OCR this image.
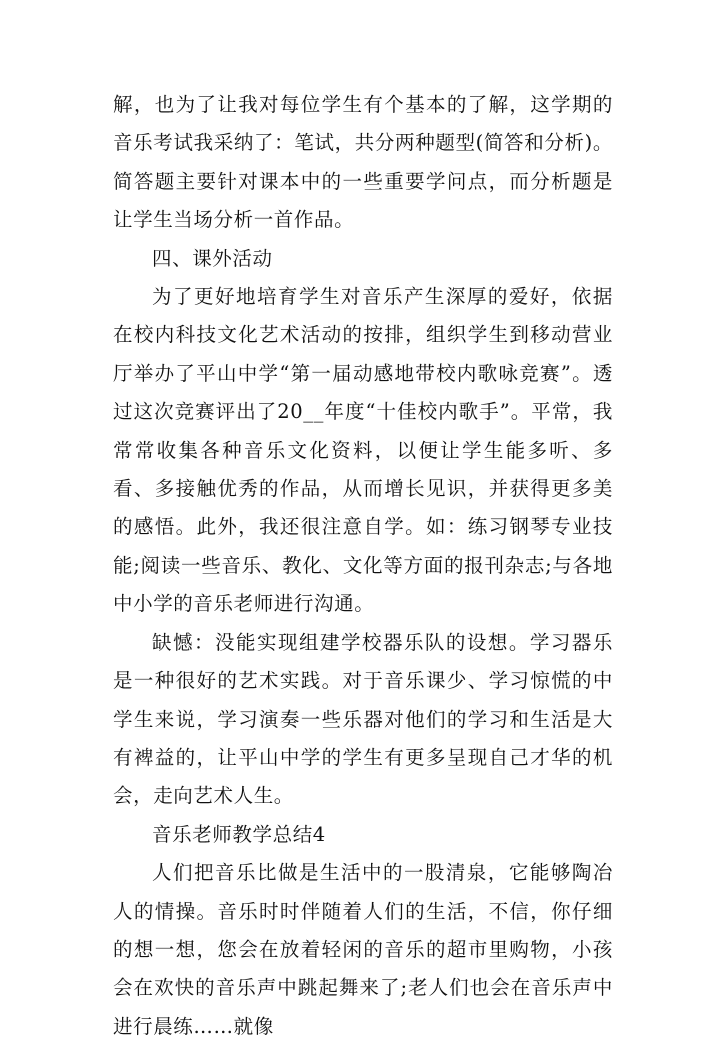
解，也为了让我对每位学生有个基本的了解，这学期的音乐考试我采纳了：笔试，共分两种题型(简答和分析)。简答题主要针对课本中的一些重要学问点，而分析题是让学生当场分析一首作品。

四、课外活动

为了更好地培育学生对音乐产生深厚的爱好，依据在校内科技文化艺术活动的按排，组织学生到移动营业厅举办了平山中学“第一届动感地带校内歌咏竞赛”。透过这次竞赛评出了20__年度“十佳校内歌手”。平常，我常常收集各种音乐文化资料，以便让学生能多听、多看、多接触优秀的作品，从而增长见识，并获得更多美的感悟。此外，我还很注意自学。如：练习钢琴专业技能;阅读一些音乐、教化、文化等方面的报刊杂志;与各地中小学的音乐老师进行沟通。

缺憾：没能实现组建学校器乐队的设想。学习器乐是一种很好的艺术实践。对于音乐课少、学习惊慌的中学生来说，学习演奏一些乐器对他们的学习和生活是大有裨益的，让平山中学的学生有更多呈现自己才华的机会，走向艺术人生。

音乐老师教学总结4

人们把音乐比做是生活中的一股清泉，它能够陶冶人的情操。音乐时时伴随着人们的生活，不信，你仔细的想一想，您会在放着轻闲的音乐的超市里购物，小孩会在欢快的音乐声中跳起舞来了;老人们也会在音乐声中进行晨练……就像
